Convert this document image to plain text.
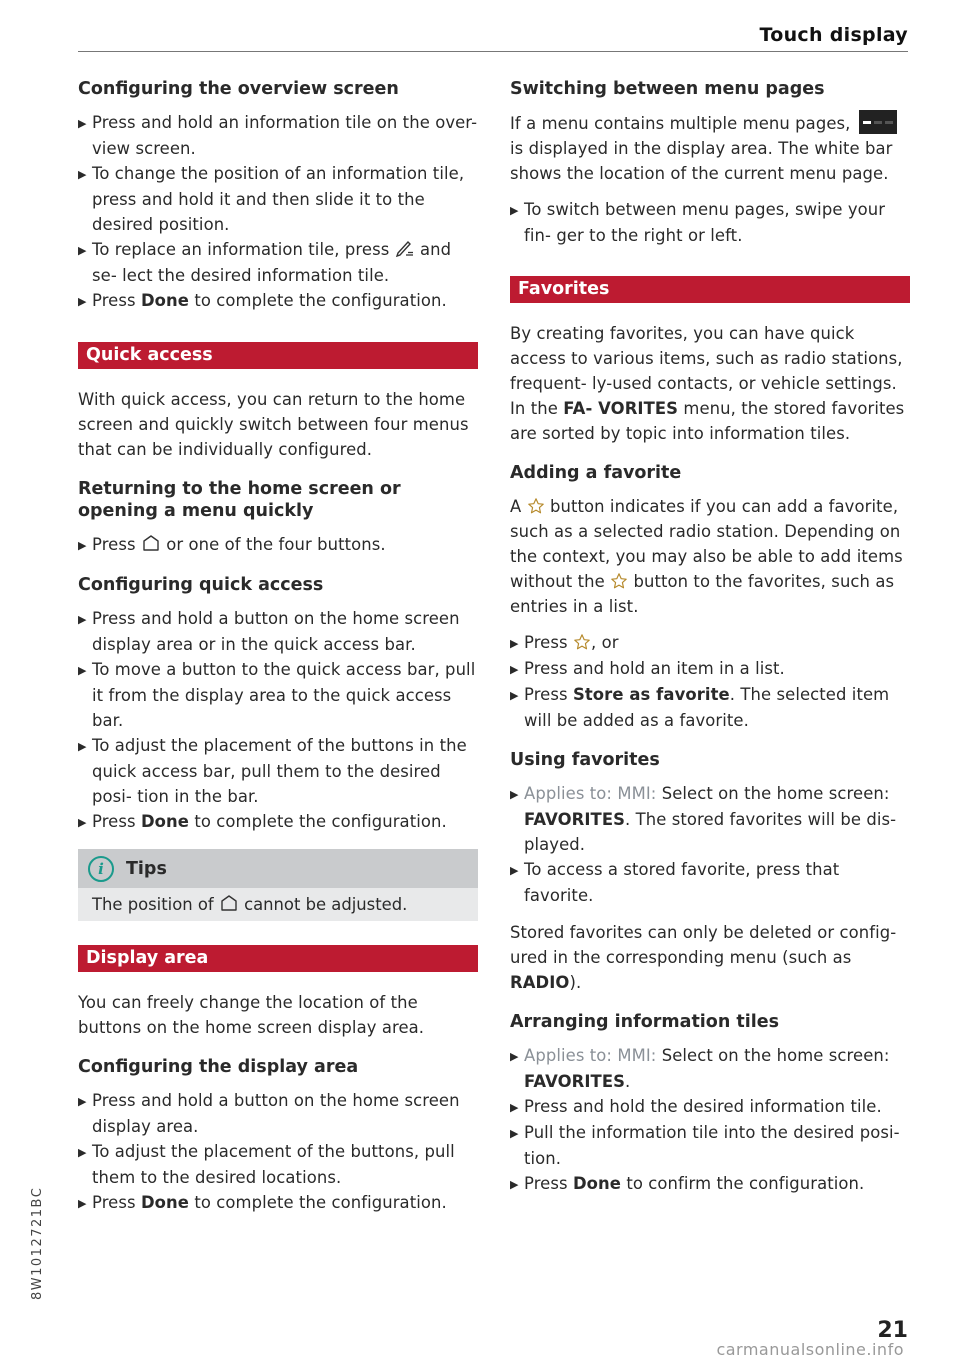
Touch display
Configuring the overview screen
▶ Press and hold an information tile on the over- view screen.
▶ To change the position of an information tile, press and hold it and then slide it to the desired position.
▶ To replace an information tile, press and se- lect the desired information tile.
▶ Press Done to complete the configuration.
Quick access

With quick access, you can return to the home screen and quickly switch between four menus that can be individually configured.

Returning to the home screen or opening a menu quickly
▶ Press or one of the four buttons.
Configuring quick access
▶ Press and hold a button on the home screen display area or in the quick access bar.
▶ To move a button to the quick access bar, pull it from the display area to the quick access bar.
▶ To adjust the placement of the buttons in the quick access bar, pull them to the desired posi- tion in the bar.
▶ Press Done to complete the configuration.
i	Tips
The position of cannot be adjusted.
Display area

You can freely change the location of the buttons on the home screen display area.

Configuring the display area
▶ Press and hold a button on the home screen display area.
▶ To adjust the placement of the buttons, pull them to the desired locations.
▶ Press Done to complete the configuration.
Switching between menu pages

If a menu contains multiple menu pages,
is displayed in the display area. The white bar shows the location of the current menu page.

▶ To switch between menu pages, swipe your fin- ger to the right or left.
Favorites

By creating favorites, you can have quick access to various items, such as radio stations, frequent- ly-used contacts, or vehicle settings. In the FA- VORITES menu, the stored favorites are sorted by topic into information tiles.

Adding a favorite

A button indicates if you can add a favorite, such as a selected radio station. Depending on the context, you may also be able to add items without the button to the favorites, such as entries in a list.

▶ Press , or
▶ Press and hold an item in a list.
▶ Press Store as favorite. The selected item will be added as a favorite.
Using favorites
▶ Applies to: MMI: Select on the home screen: FAVORITES. The stored favorites will be dis- played.
▶ To access a stored favorite, press that favorite.

Stored favorites can only be deleted or config- ured in the corresponding menu (such as RADIO).

Arranging information tiles
▶ Applies to: MMI: Select on the home screen: FAVORITES.
▶ Press and hold the desired information tile.
▶ Pull the information tile into the desired posi- tion.
▶ Press Done to confirm the configuration.
8W1012721BC
21
carmanualsonline.info
